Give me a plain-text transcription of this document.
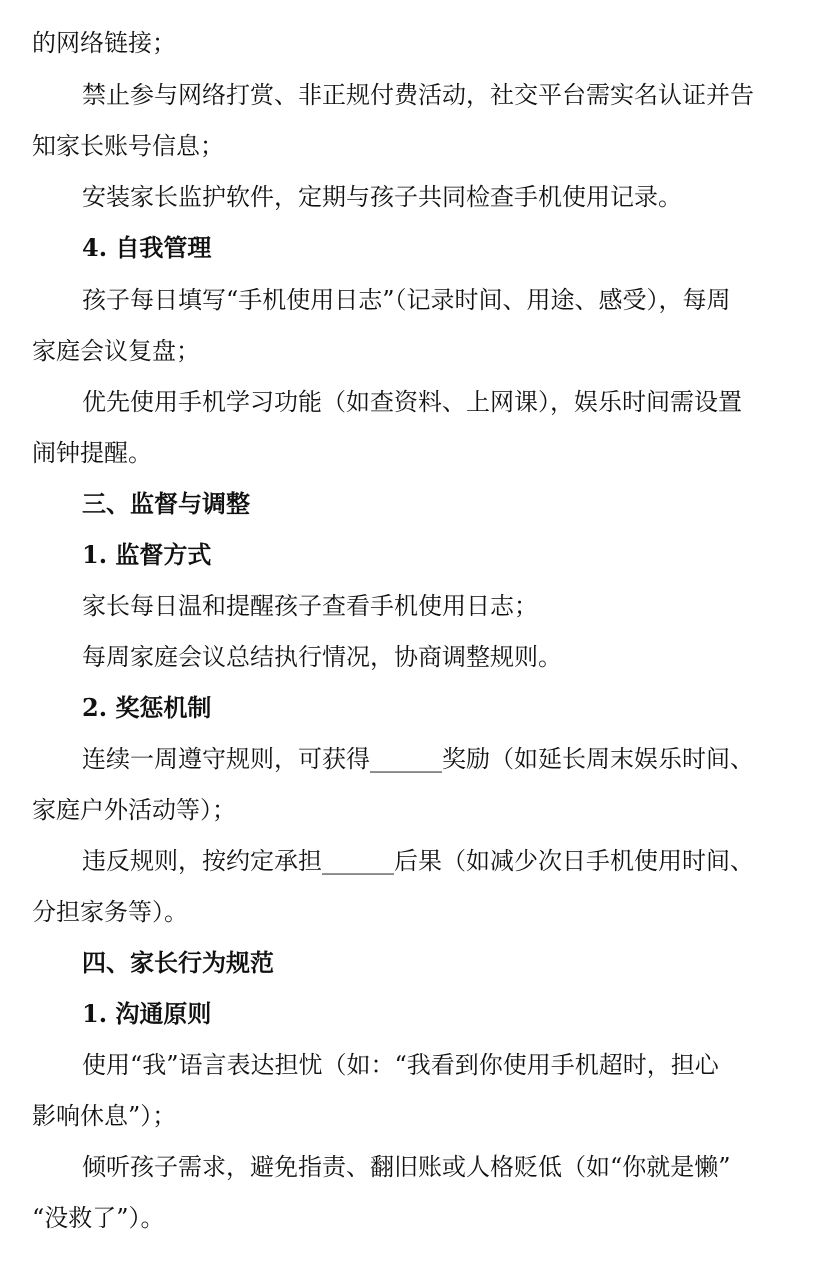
的网络链接；
禁止参与网络打赏、非正规付费活动，社交平台需实名认证并告
知家长账号信息；
安装家长监护软件，定期与孩子共同检查手机使用记录。
4. 自我管理
孩子每日填写“手机使用日志”（记录时间、用途、感受），每周
家庭会议复盘；
优先使用手机学习功能（如查资料、上网课），娱乐时间需设置
闹钟提醒。
三、监督与调整
1. 监督方式
家长每日温和提醒孩子查看手机使用日志；
每周家庭会议总结执行情况，协商调整规则。
2. 奖惩机制
连续一周遵守规则，可获得______奖励（如延长周末娱乐时间、
家庭户外活动等）；
违反规则，按约定承担______后果（如减少次日手机使用时间、
分担家务等）。
四、家长行为规范
1. 沟通原则
使用“我”语言表达担忧（如：“我看到你使用手机超时，担心
影响休息”）；
倾听孩子需求，避免指责、翻旧账或人格贬低（如“你就是懒”
“没救了”）。
